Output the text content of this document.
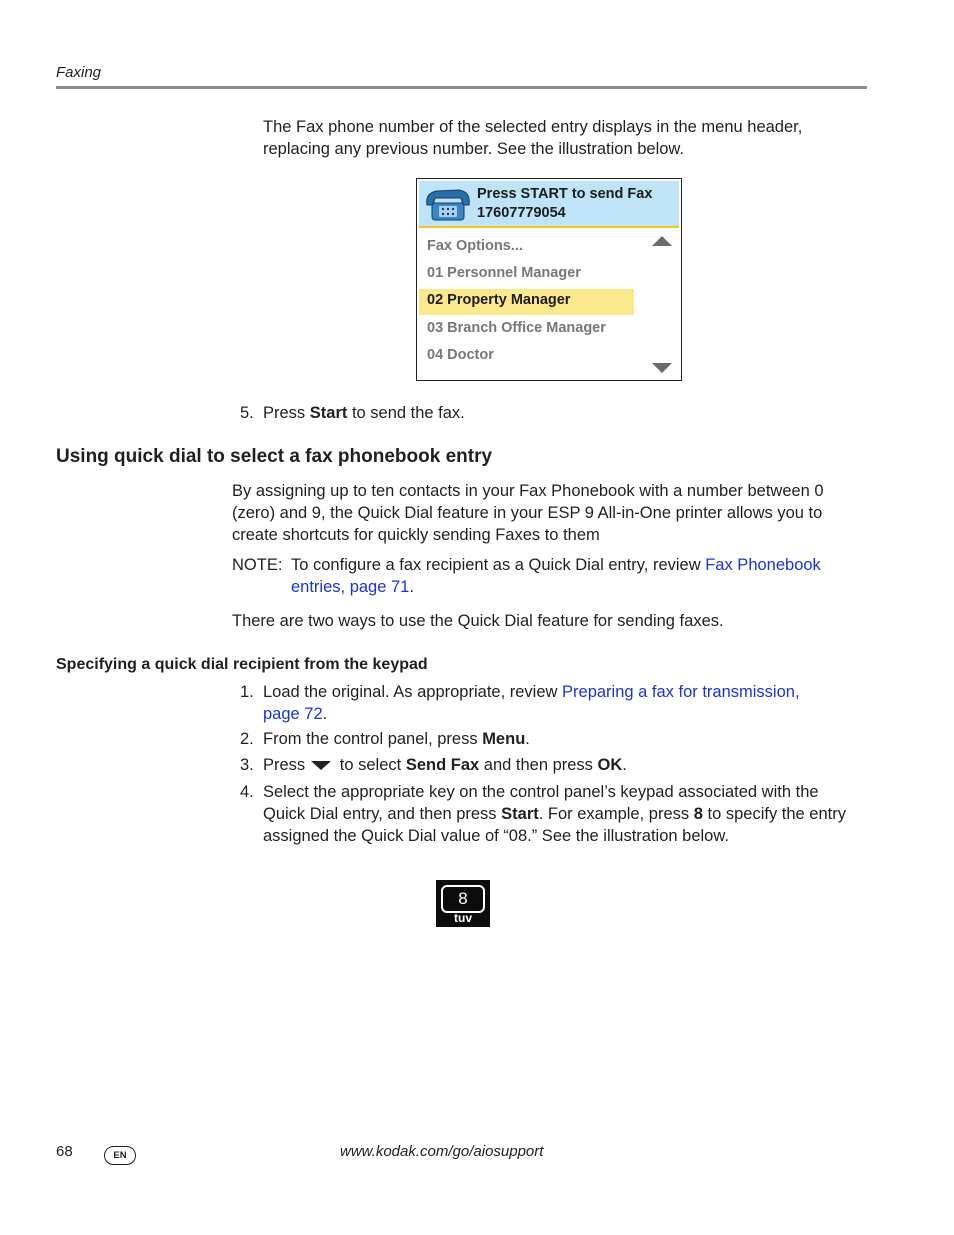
Faxing
The Fax phone number of the selected entry displays in the menu header,
replacing any previous number. See the illustration below.
Press START to send Fax
17607779054
Fax Options...
01 Personnel Manager
02 Property Manager
03 Branch Office Manager
04 Doctor
5. Press Start to send the fax.
Using quick dial to select a fax phonebook entry
By assigning up to ten contacts in your Fax Phonebook with a number between 0
(zero) and 9, the Quick Dial feature in your ESP 9 All-in-One printer allows you to
create shortcuts for quickly sending Faxes to them
NOTE: To configure a fax recipient as a Quick Dial entry, review Fax Phonebook
entries, page 71.
There are two ways to use the Quick Dial feature for sending faxes.
Specifying a quick dial recipient from the keypad
1. Load the original. As appropriate, review Preparing a fax for transmission,
page 72.
2. From the control panel, press Menu.
3. Press to select Send Fax and then press OK.
4. Select the appropriate key on the control panel’s keypad associated with the
Quick Dial entry, and then press Start. For example, press 8 to specify the entry
assigned the Quick Dial value of “08.” See the illustration below.
8
tuv
68	EN	www.kodak.com/go/aiosupport
